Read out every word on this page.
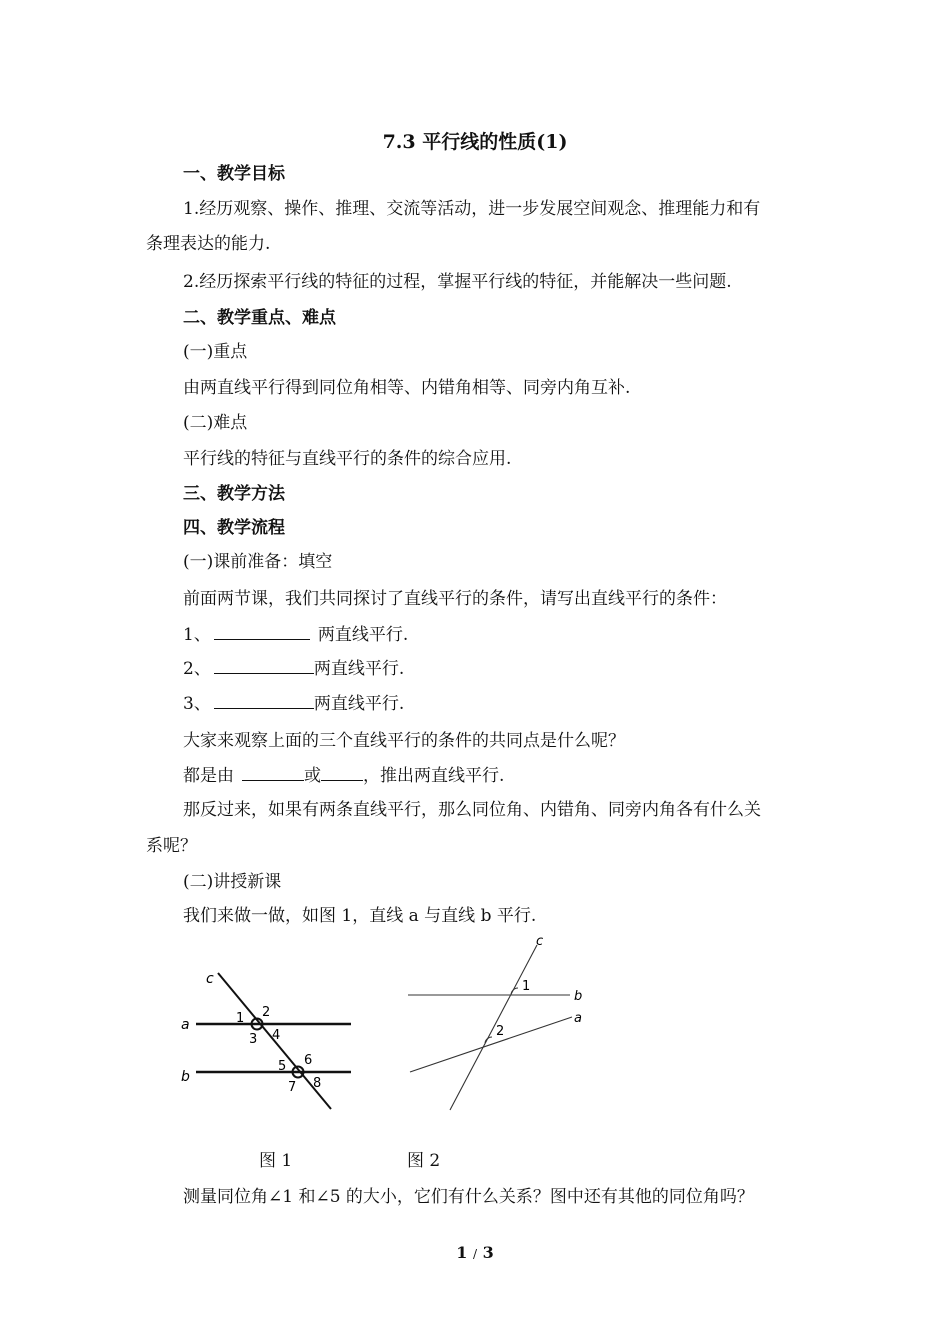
7.3 平行线的性质(1)
一、教学目标
1.经历观察、操作、推理、交流等活动，进一步发展空间观念、推理能力和有
条理表达的能力.
2.经历探索平行线的特征的过程，掌握平行线的特征，并能解决一些问题.
二、教学重点、难点
(一)重点
由两直线平行得到同位角相等、内错角相等、同旁内角互补.
(二)难点
平行线的特征与直线平行的条件的综合应用.
三、教学方法
四、教学流程
(一)课前准备：填空
前面两节课，我们共同探讨了直线平行的条件，请写出直线平行的条件：
1、	两直线平行.
2、	两直线平行.
3、	两直线平行.
大家来观察上面的三个直线平行的条件的共同点是什么呢？
都是由	或 ，推出两直线平行.
那反过来，如果有两条直线平行，那么同位角、内错角、同旁内角各有什么关
系呢？
(二)讲授新课
我们来做一做，如图 1，直线 a 与直线 b 平行.
c
a
b
1 2
3 4
5 6
7 8
c
b
a
1
2
图 1	图 2
测量同位角∠1 和∠5 的大小，它们有什么关系？图中还有其他的同位角吗？
1 / 3
